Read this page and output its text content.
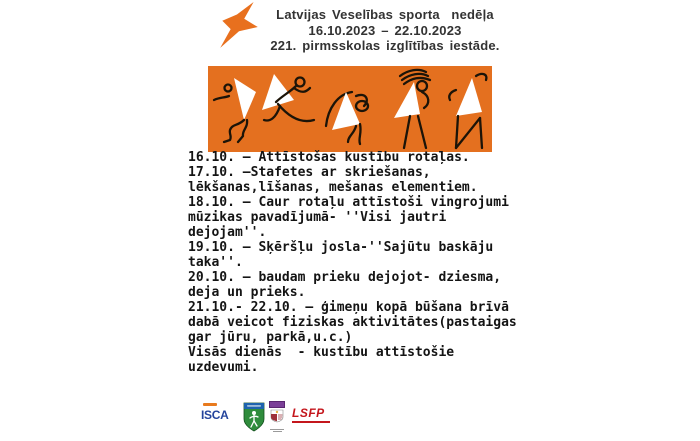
Latvijas Veselības sporta  nedēļa
16.10.2023 – 22.10.2023
221. pirmsskolas izglītības iestāde.
16.10. – Attīstošas kustību rotaļas.
17.10. –Stafetes ar skriešanas,
lēkšanas,līšanas, mešanas elementiem.
18.10. – Caur rotaļu attīstoši vingrojumi
mūzikas pavadījumā- ''Visi jautri
dejojam''.
19.10. – Sķēršļu josla-''Sajūtu baskāju
taka''.
20.10. – baudam prieku dejojot- dziesma,
deja un prieks.
21.10.- 22.10. – ģimeņu kopā būšana brīvā
dabā veicot fiziskas aktivitātes(pastaigas
gar jūru, parkā,u.c.)
Visās dienās  - kustību attīstošie
uzdevumi.
ISCA	LSFP
